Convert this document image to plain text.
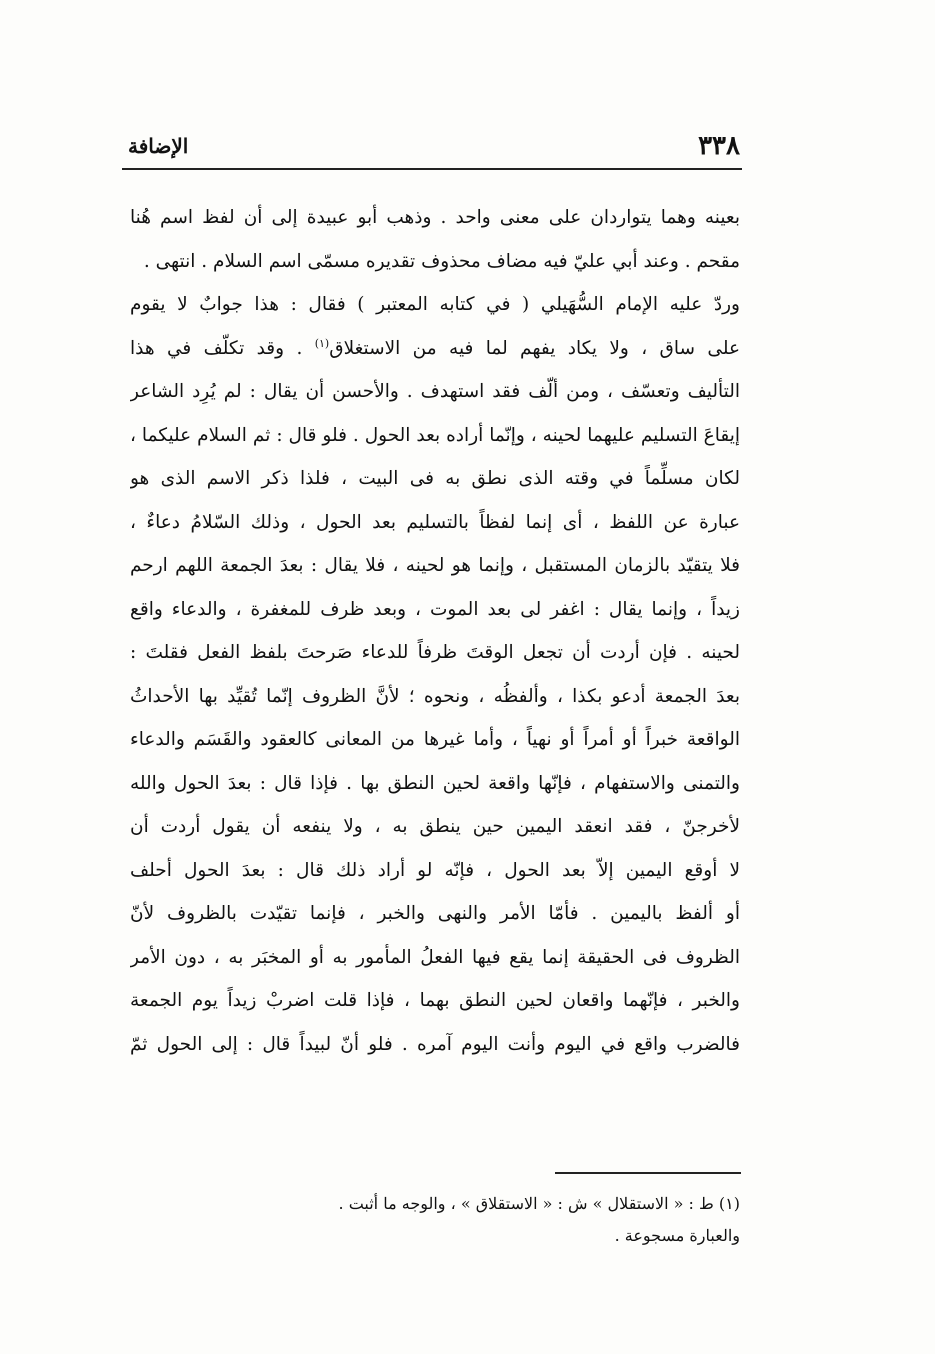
٣٣٨
الإضافة
بعينه وهما يتواردان على معنى واحد . وذهب أبو عبيدة إلى أن لفظ اسم هُنا
مقحم . وعند أبي عليّ فيه مضاف محذوف تقديره مسمّى اسم السلام . انتهى .
وردّ عليه الإمام السُّهَيلي ( في كتابه المعتبر ) فقال : هذا جوابٌ لا يقوم
على ساق ، ولا يكاد يفهم لما فيه من الاستغلاق$^{(١)}$ . وقد تكلّف في هذا
التأليف وتعسّف ، ومن ألّف فقد استهدف . والأحسن أن يقال : لم يُرِد الشاعر
إيقاعَ التسليم عليهما لحينه ، وإنّما أراده بعد الحول . فلو قال : ثم السلام عليكما ،
لكان مسلِّماً في وقته الذى نطق به فى البيت ، فلذا ذكر الاسم الذى هو
عبارة عن اللفظ ، أى إنما لفظاً بالتسليم بعد الحول ، وذلك السّلامُ دعاءٌ ،
فلا يتقيّد بالزمان المستقبل ، وإنما هو لحينه ، فلا يقال : بعدَ الجمعة اللهم ارحم
زيداً ، وإنما يقال : اغفر لى بعد الموت ، وبعد ظرف للمغفرة ، والدعاء واقع
لحينه . فإن أردت أن تجعل الوقتَ ظرفاً للدعاء صَرحتَ بلفظ الفعل فقلتَ :
بعدَ الجمعة أدعو بكذا ، وألفظُه ، ونحوه ؛ لأنَّ الظروف إنّما تُقيِّد بها الأحداثُ
الواقعة خبراً أو أمراً أو نهياً ، وأما غيرها من المعانى كالعقود والقَسَم والدعاء
والتمنى والاستفهام ، فإنّها واقعة لحين النطق بها . فإذا قال : بعدَ الحول والله
لأخرجنّ ، فقد انعقد اليمين حين ينطق به ، ولا ينفعه أن يقول أردت أن
لا أوقع اليمين إلاّ بعد الحول ، فإنّه لو أراد ذلك قال : بعدَ الحول أحلف
أو ألفظ باليمين . فأمّا الأمر والنهى والخبر ، فإنما تقيّدت بالظروف لأنّ
الظروف فى الحقيقة إنما يقع فيها الفعلُ المأمور به أو المخبَر به ، دون الأمر
والخبر ، فإنّهما واقعان لحين النطق بهما ، فإذا قلت اضربْ زيداً يوم الجمعة
فالضرب واقع في اليوم وأنت اليوم آمره . فلو أنّ لبيداً قال : إلى الحول ثمّ
(١) ط : « الاستقلال » ش : « الاستقلاق » ، والوجه ما أثبت .
والعبارة مسجوعة .
